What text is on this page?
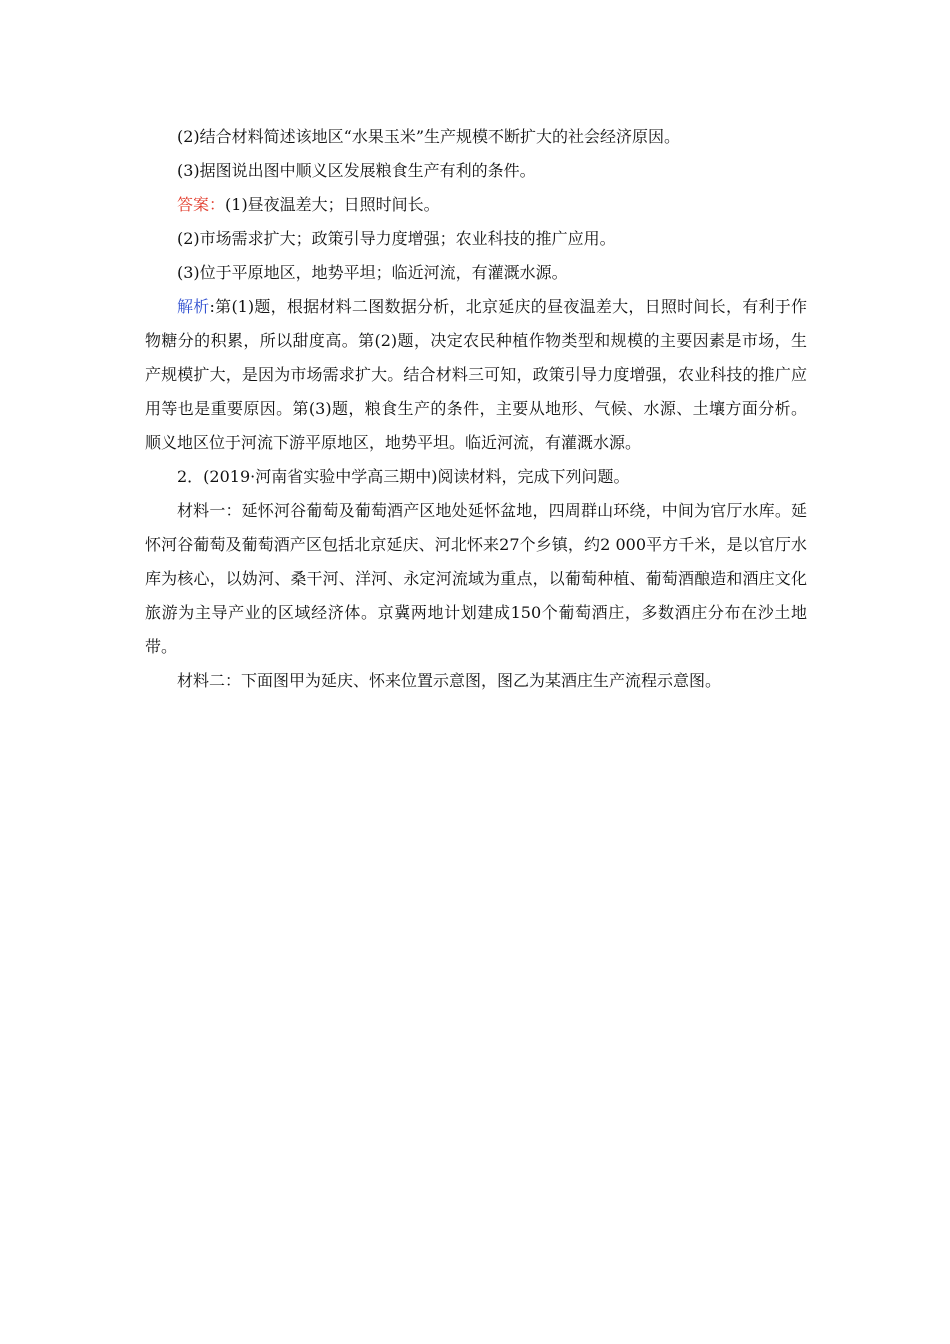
(2)结合材料简述该地区“水果玉米”生产规模不断扩大的社会经济原因。
(3)据图说出图中顺义区发展粮食生产有利的条件。
答案：(1)昼夜温差大；日照时间长。
(2)市场需求扩大；政策引导力度增强；农业科技的推广应用。
(3)位于平原地区，地势平坦；临近河流，有灌溉水源。

解析:第(1)题，根据材料二图数据分析，北京延庆的昼夜温差大，日照时间长，有利于作物糖分的积累，所以甜度高。第(2)题，决定农民种植作物类型和规模的主要因素是市场，生产规模扩大，是因为市场需求扩大。结合材料三可知，政策引导力度增强，农业科技的推广应用等也是重要原因。第(3)题，粮食生产的条件，主要从地形、气候、水源、土壤方面分析。顺义地区位于河流下游平原地区，地势平坦。临近河流，有灌溉水源。

2．(2019·河南省实验中学高三期中)阅读材料，完成下列问题。

材料一：延怀河谷葡萄及葡萄酒产区地处延怀盆地，四周群山环绕，中间为官厅水库。延怀河谷葡萄及葡萄酒产区包括北京延庆、河北怀来27个乡镇，约2 000平方千米，是以官厅水库为核心，以妫河、桑干河、洋河、永定河流域为重点，以葡萄种植、葡萄酒酿造和酒庄文化旅游为主导产业的区域经济体。京冀两地计划建成150个葡萄酒庄，多数酒庄分布在沙土地带。

材料二：下面图甲为延庆、怀来位置示意图，图乙为某酒庄生产流程示意图。
